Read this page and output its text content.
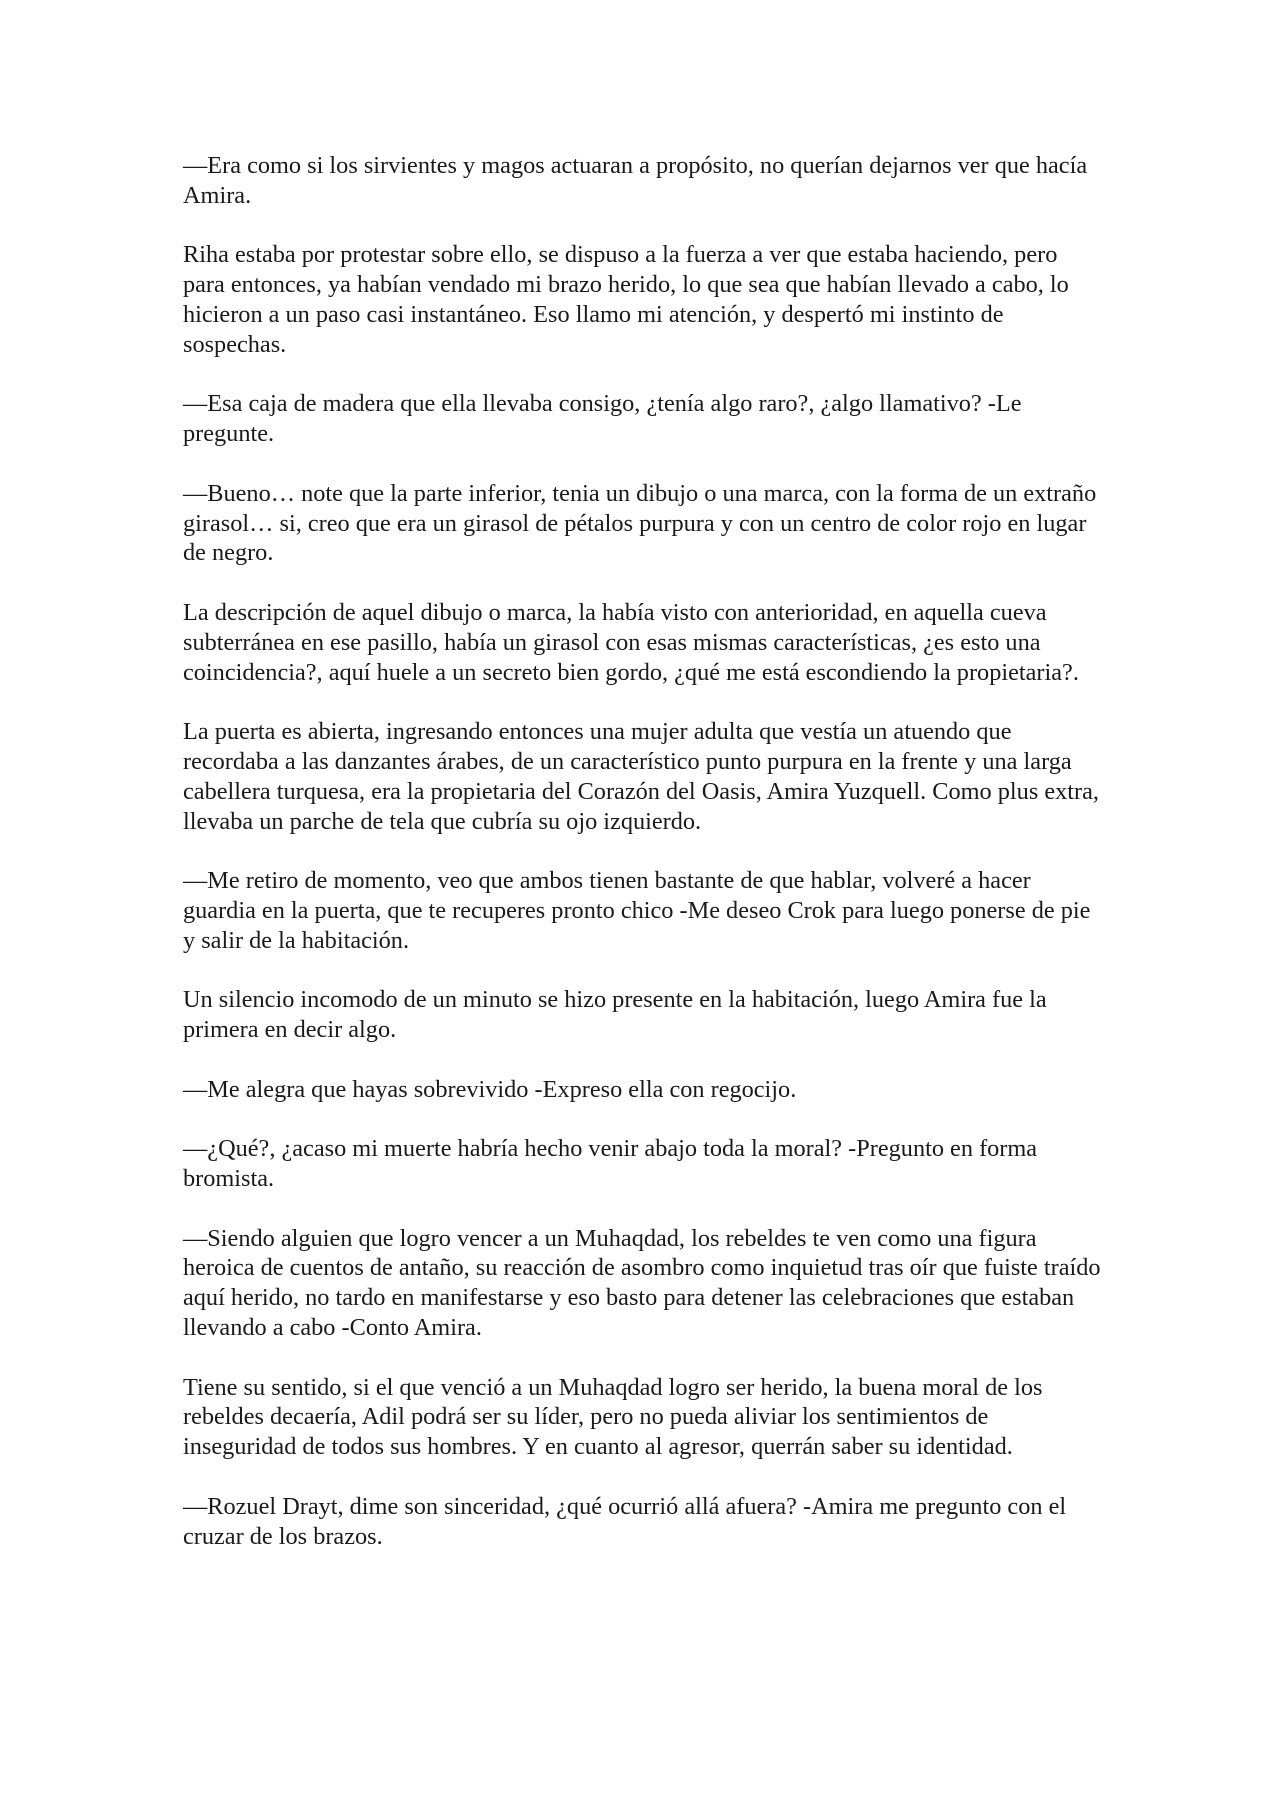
—Era como si los sirvientes y magos actuaran a propósito, no querían dejarnos ver que hacía Amira.

Riha estaba por protestar sobre ello, se dispuso a la fuerza a ver que estaba haciendo, pero para entonces, ya habían vendado mi brazo herido, lo que sea que habían llevado a cabo, lo hicieron a un paso casi instantáneo. Eso llamo mi atención, y despertó mi instinto de sospechas.

—Esa caja de madera que ella llevaba consigo, ¿tenía algo raro?, ¿algo llamativo? -Le pregunte.

—Bueno… note que la parte inferior, tenia un dibujo o una marca, con la forma de un extraño girasol… si, creo que era un girasol de pétalos purpura y con un centro de color rojo en lugar de negro.

La descripción de aquel dibujo o marca, la había visto con anterioridad, en aquella cueva subterránea en ese pasillo, había un girasol con esas mismas características, ¿es esto una coincidencia?, aquí huele a un secreto bien gordo, ¿qué me está escondiendo la propietaria?.

La puerta es abierta, ingresando entonces una mujer adulta que vestía un atuendo que recordaba a las danzantes árabes, de un característico punto purpura en la frente y una larga cabellera turquesa, era la propietaria del Corazón del Oasis, Amira Yuzquell. Como plus extra, llevaba un parche de tela que cubría su ojo izquierdo.

—Me retiro de momento, veo que ambos tienen bastante de que hablar, volveré a hacer guardia en la puerta, que te recuperes pronto chico -Me deseo Crok para luego ponerse de pie y salir de la habitación.

Un silencio incomodo de un minuto se hizo presente en la habitación, luego Amira fue la primera en decir algo.

—Me alegra que hayas sobrevivido -Expreso ella con regocijo.

—¿Qué?, ¿acaso mi muerte habría hecho venir abajo toda la moral? -Pregunto en forma bromista.

—Siendo alguien que logro vencer a un Muhaqdad, los rebeldes te ven como una figura heroica de cuentos de antaño, su reacción de asombro como inquietud tras oír que fuiste traído aquí herido, no tardo en manifestarse y eso basto para detener las celebraciones que estaban llevando a cabo -Conto Amira.

Tiene su sentido, si el que venció a un Muhaqdad logro ser herido, la buena moral de los rebeldes decaería, Adil podrá ser su líder, pero no pueda aliviar los sentimientos de inseguridad de todos sus hombres. Y en cuanto al agresor, querrán saber su identidad.

—Rozuel Drayt, dime son sinceridad, ¿qué ocurrió allá afuera? -Amira me pregunto con el cruzar de los brazos.
